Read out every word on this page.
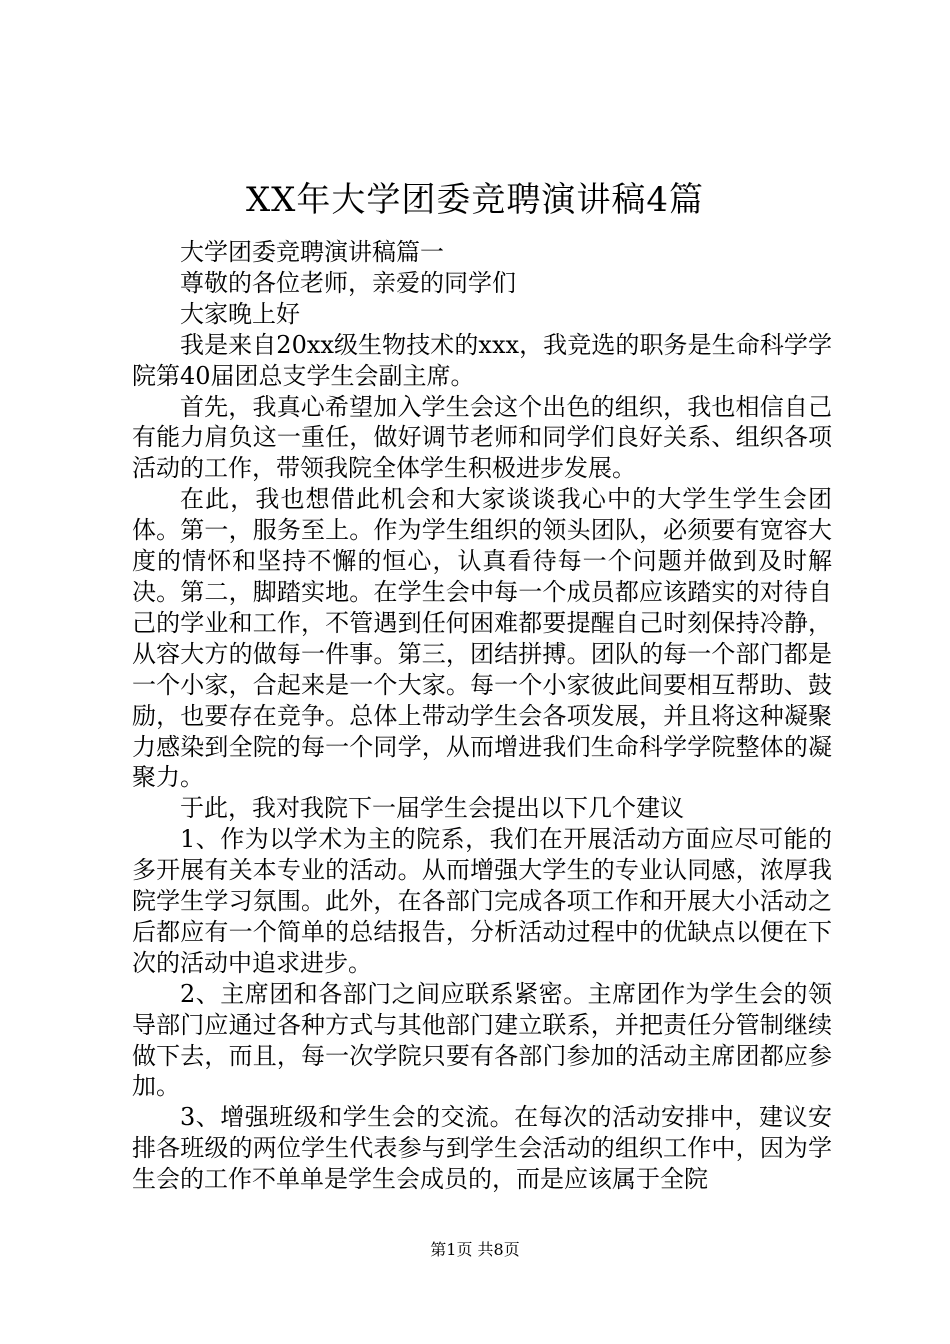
XX年大学团委竞聘演讲稿4篇

大学团委竞聘演讲稿篇一

尊敬的各位老师，亲爱的同学们

大家晚上好

我是来自20xx级生物技术的xxx，我竞选的职务是生命科学学院第40届团总支学生会副主席。

首先，我真心希望加入学生会这个出色的组织，我也相信自己有能力肩负这一重任，做好调节老师和同学们良好关系、组织各项活动的工作，带领我院全体学生积极进步发展。

在此，我也想借此机会和大家谈谈我心中的大学生学生会团体。第一，服务至上。作为学生组织的领头团队，必须要有宽容大度的情怀和坚持不懈的恒心，认真看待每一个问题并做到及时解决。第二，脚踏实地。在学生会中每一个成员都应该踏实的对待自己的学业和工作，不管遇到任何困难都要提醒自己时刻保持冷静，从容大方的做每一件事。第三，团结拼搏。团队的每一个部门都是一个小家，合起来是一个大家。每一个小家彼此间要相互帮助、鼓励，也要存在竞争。总体上带动学生会各项发展，并且将这种凝聚力感染到全院的每一个同学，从而增进我们生命科学学院整体的凝聚力。

于此，我对我院下一届学生会提出以下几个建议

1、作为以学术为主的院系，我们在开展活动方面应尽可能的多开展有关本专业的活动。从而增强大学生的专业认同感，浓厚我院学生学习氛围。此外，在各部门完成各项工作和开展大小活动之后都应有一个简单的总结报告，分析活动过程中的优缺点以便在下次的活动中追求进步。

2、主席团和各部门之间应联系紧密。主席团作为学生会的领导部门应通过各种方式与其他部门建立联系，并把责任分管制继续做下去，而且，每一次学院只要有各部门参加的活动主席团都应参加。

3、增强班级和学生会的交流。在每次的活动安排中，建议安排各班级的两位学生代表参与到学生会活动的组织工作中，因为学生会的工作不单单是学生会成员的，而是应该属于全院

第1页 共8页
